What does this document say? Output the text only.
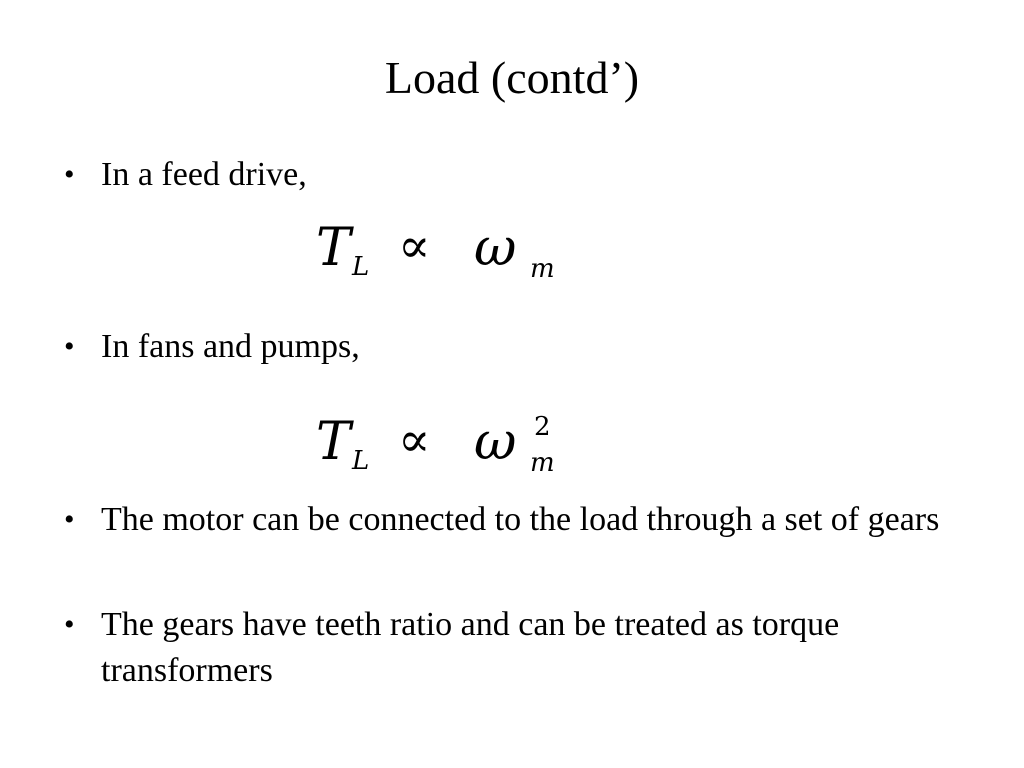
Load (contd’)
• In a feed drive,
T L ∝ ω m
• In fans and pumps,
T L ∝ ω m
2
• The motor can be connected to the load through a set of gears
• The gears have teeth ratio and can be treated as torque transformers
